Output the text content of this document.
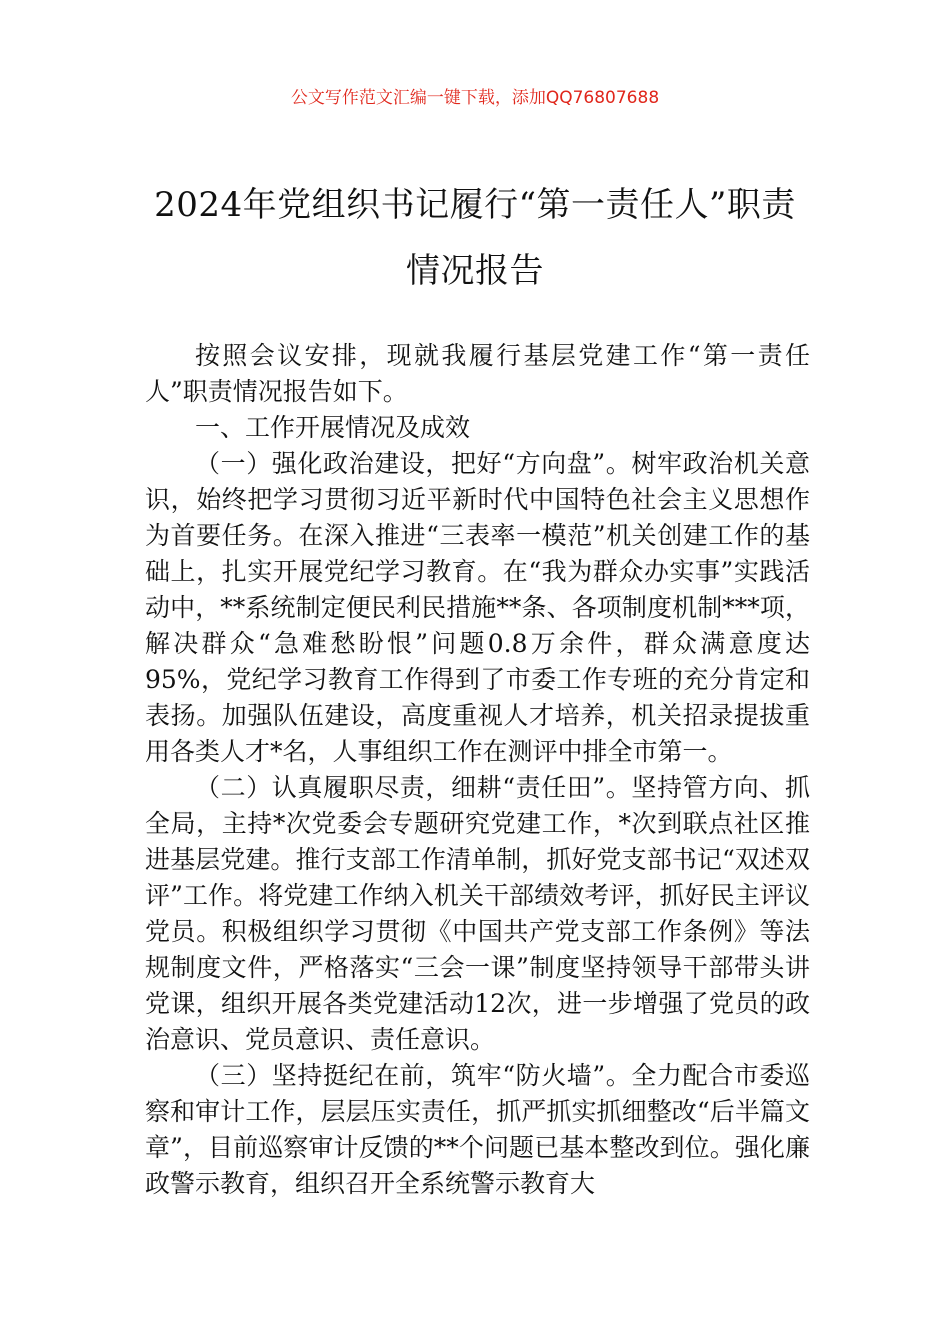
公文写作范文汇编一键下载，添加QQ76807688
2024年党组织书记履行“第一责任人”职责情况报告

按照会议安排，现就我履行基层党建工作“第一责任人”职责情况报告如下。

一、工作开展情况及成效

（一）强化政治建设，把好“方向盘”。树牢政治机关意识，始终把学习贯彻习近平新时代中国特色社会主义思想作为首要任务。在深入推进“三表率一模范”机关创建工作的基础上，扎实开展党纪学习教育。在“我为群众办实事”实践活动中，**系统制定便民利民措施**条、各项制度机制***项，解决群众“急难愁盼恨”问题0.8万余件，群众满意度达95%，党纪学习教育工作得到了市委工作专班的充分肯定和表扬。加强队伍建设，高度重视人才培养，机关招录提拔重用各类人才*名，人事组织工作在测评中排全市第一。

（二）认真履职尽责，细耕“责任田”。坚持管方向、抓全局，主持*次党委会专题研究党建工作，*次到联点社区推进基层党建。推行支部工作清单制，抓好党支部书记“双述双评”工作。将党建工作纳入机关干部绩效考评，抓好民主评议党员。积极组织学习贯彻《中国共产党支部工作条例》等法规制度文件，严格落实“三会一课”制度坚持领导干部带头讲党课，组织开展各类党建活动12次，进一步增强了党员的政治意识、党员意识、责任意识。

（三）坚持挺纪在前，筑牢“防火墙”。全力配合市委巡察和审计工作，层层压实责任，抓严抓实抓细整改“后半篇文章”，目前巡察审计反馈的**个问题已基本整改到位。强化廉政警示教育，组织召开全系统警示教育大
